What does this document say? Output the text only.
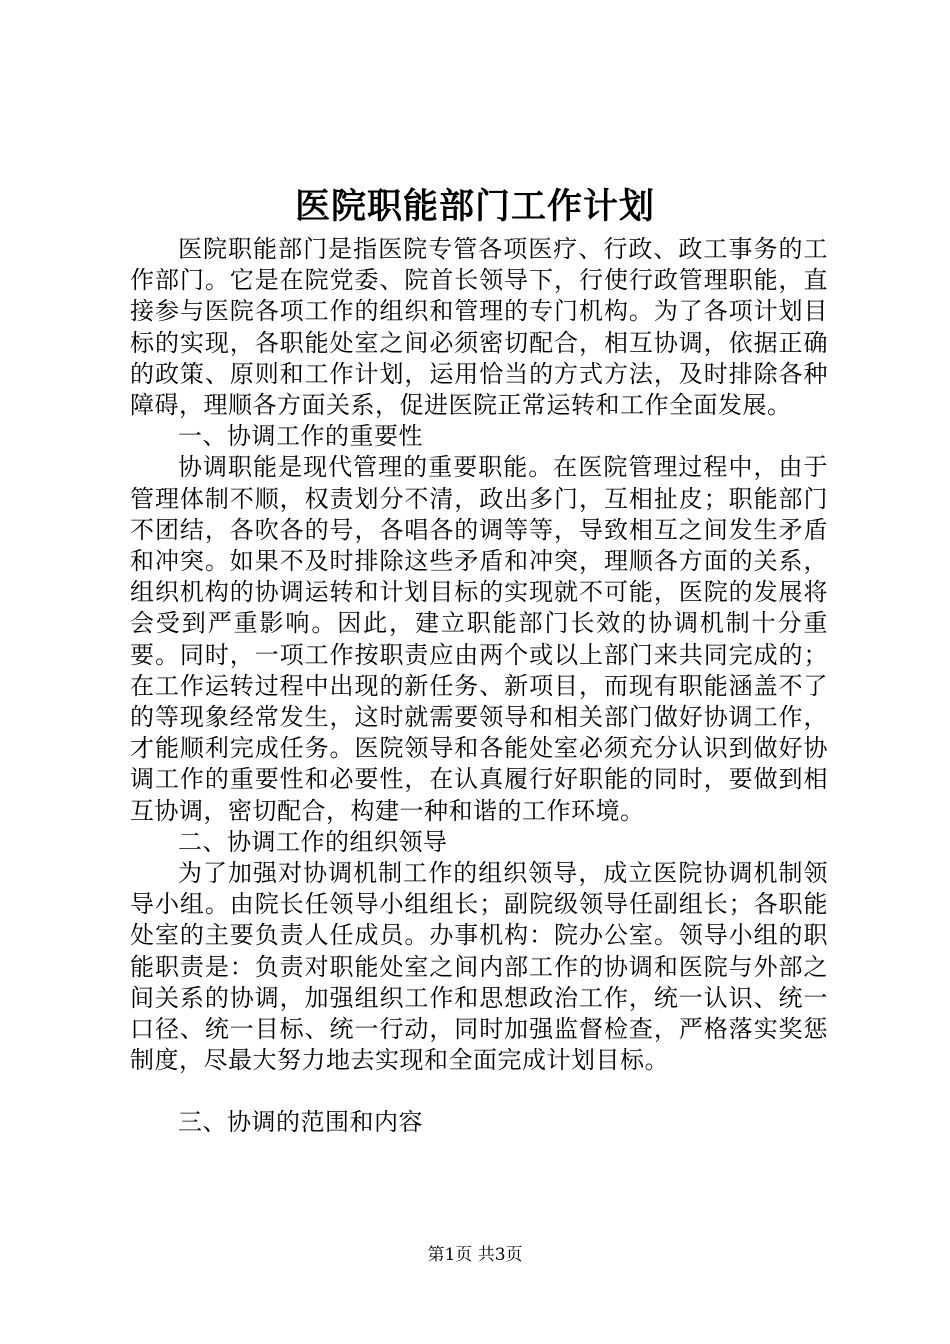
医院职能部门工作计划

医院职能部门是指医院专管各项医疗、行政、政工事务的工作部门。它是在院党委、院首长领导下，行使行政管理职能，直接参与医院各项工作的组织和管理的专门机构。为了各项计划目标的实现，各职能处室之间必须密切配合，相互协调，依据正确的政策、原则和工作计划，运用恰当的方式方法，及时排除各种障碍，理顺各方面关系，促进医院正常运转和工作全面发展。

一、协调工作的重要性

协调职能是现代管理的重要职能。在医院管理过程中，由于管理体制不顺，权责划分不清，政出多门，互相扯皮；职能部门不团结，各吹各的号，各唱各的调等等，导致相互之间发生矛盾和冲突。如果不及时排除这些矛盾和冲突，理顺各方面的关系，组织机构的协调运转和计划目标的实现就不可能，医院的发展将会受到严重影响。因此，建立职能部门长效的协调机制十分重要。同时，一项工作按职责应由两个或以上部门来共同完成的；在工作运转过程中出现的新任务、新项目，而现有职能涵盖不了的等现象经常发生，这时就需要领导和相关部门做好协调工作，才能顺利完成任务。医院领导和各能处室必须充分认识到做好协调工作的重要性和必要性，在认真履行好职能的同时，要做到相互协调，密切配合，构建一种和谐的工作环境。

二、协调工作的组织领导

为了加强对协调机制工作的组织领导，成立医院协调机制领导小组。由院长任领导小组组长；副院级领导任副组长；各职能处室的主要负责人任成员。办事机构：院办公室。领导小组的职能职责是：负责对职能处室之间内部工作的协调和医院与外部之间关系的协调，加强组织工作和思想政治工作，统一认识、统一口径、统一目标、统一行动，同时加强监督检查，严格落实奖惩制度，尽最大努力地去实现和全面完成计划目标。

三、协调的范围和内容

第1页 共3页
